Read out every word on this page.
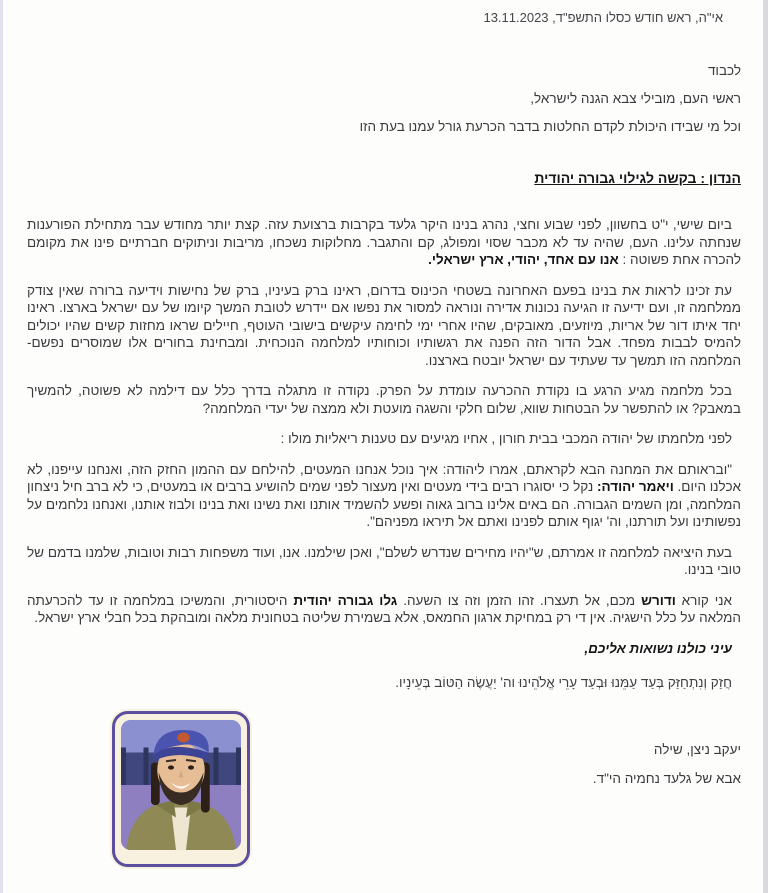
אי"ה, ראש חודש כסלו התשפ"ד, 13.11.2023

לכבוד

ראשי העם, מובילי צבא הגנה לישראל,

וכל מי שבידו היכולת לקדם החלטות בדבר הכרעת גורל עמנו בעת הזו

הנדון : בקשה לגילוי גבורה יהודית

ביום שישי, י"ט בחשוון, לפני שבוע וחצי, נהרג בנינו היקר גלעד בקרבות ברצועת עזה. קצת יותר מחודש עבר מתחילת הפורענות שנחתה עלינו. העם, שהיה עד לא מכבר שסוי ומפולג, קם והתגבר. מחלוקות נשכחו, מריבות וניתוקים חברתיים פינו את מקומם להכרה אחת פשוטה : אנו עם אחד, יהודי, ארץ ישראלי.

עת זכינו לראות את בנינו בפעם האחרונה בשטחי הכינוס בדרום, ראינו ברק בעיניו, ברק של נחישות וידיעה ברורה שאין צודק ממלחמה זו, ועם ידיעה זו הגיעה נכונות אדירה ונוראה למסור את נפשו אם יידרש לטובת המשך קיומו של עם ישראל בארצו. ראינו יחד איתו דור של אריות, מיוזעים, מאובקים, שהיו אחרי ימי לחימה עיקשים בישובי העוטף, חיילים שראו מחזות קשים שהיו יכולים להמיס לבבות מפחד. אבל הדור הזה הפנה את רגשותיו וכוחותיו למלחמה הנוכחית. ומבחינת בחורים אלו שמוסרים נפשם- המלחמה הזו תמשך עד שעתיד עם ישראל יובטח בארצנו.

בכל מלחמה מגיע הרגע בו נקודת ההכרעה עומדת על הפרק. נקודה זו מתגלה בדרך כלל עם דילמה לא פשוטה, להמשיך במאבק? או להתפשר על הבטחות שווא, שלום חלקי והשגה מועטת ולא ממצה של יעדי המלחמה?

לפני מלחמתו של יהודה המכבי בבית חורון , אחיו מגיעים עם טענות ריאליות מולו :

"ובראותם את המחנה הבא לקראתם, אמרו ליהודה: איך נוכל אנחנו המעטים, להילחם עם ההמון החזק הזה, ואנחנו עייפנו, לא אכלנו היום. ויאמר יהודה: נקל כי יסוגרו רבים בידי מעטים ואין מעצור לפני שמים להושיע ברבים או במעטים, כי לא ברב חיל ניצחון המלחמה, ומן השמים הגבורה. הם באים אלינו ברוב גאוה ופשע להשמיד אותנו ואת נשינו ואת בנינו ולבוז אותנו, ואנחנו נלחמים על נפשותינו ועל תורתנו, וה' יגוף אותם לפנינו ואתם אל תיראו מפניהם".

בעת היציאה למלחמה זו אמרתם, ש"יהיו מחירים שנדרש לשלם", ואכן שילמנו. אנו, ועוד משפחות רבות וטובות, שלמנו בדמם של טובי בנינו.

אני קורא ודורש מכם, אל תעצרו. זהו הזמן וזה צו השעה. גלו גבורה יהודית היסטורית, והמשיכו במלחמה זו עד להכרעתה המלאה על כלל הישגיה. אין די רק במחיקת ארגון החמאס, אלא בשמירת שליטה בטחונית מלאה ומובהקת בכל חבלי ארץ ישראל.

עיני כולנו נשואות אליכם,

חֲזַק וְנִתְחַזַּק בְּעַד עַמֵּנוּ וּבְעַד עָרֵי אֱלֹהֵינוּ וה' יַעֲשֶׂה הַטּוֹב בְּעֵינָיו.

יעקב ניצן, שילה

אבא של גלעד נחמיה הי"ד.
